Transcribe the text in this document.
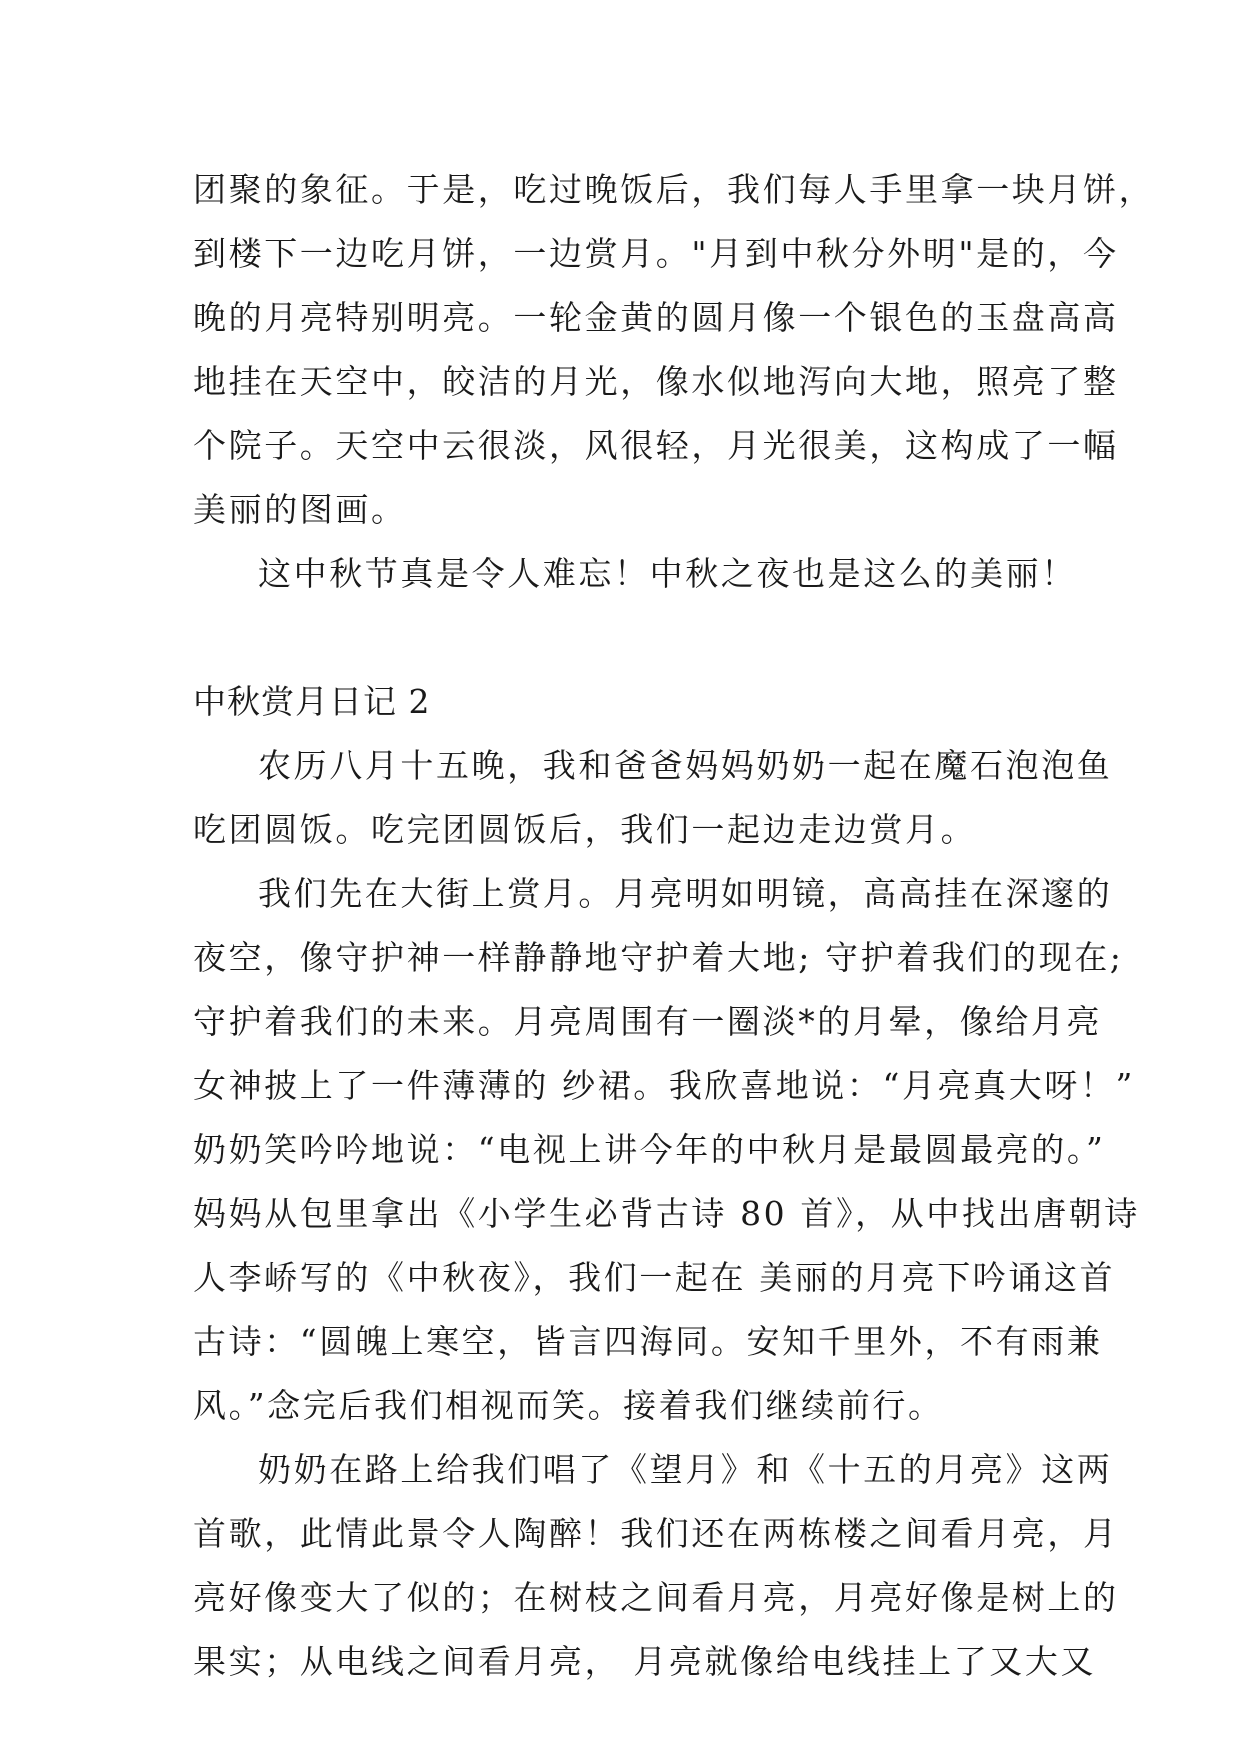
团聚的象征。于是，吃过晚饭后，我们每人手里拿一块月饼，
到楼下一边吃月饼，一边赏月。"月到中秋分外明"是的，今
晚的月亮特别明亮。一轮金黄的圆月像一个银色的玉盘高高
地挂在天空中，皎洁的月光，像水似地泻向大地，照亮了整
个院子。天空中云很淡，风很轻，月光很美，这构成了一幅
美丽的图画。
这中秋节真是令人难忘！中秋之夜也是这么的美丽！
中秋赏月日记 2
农历八月十五晚，我和爸爸妈妈奶奶一起在魔石泡泡鱼
吃团圆饭。吃完团圆饭后，我们一起边走边赏月。
我们先在大街上赏月。月亮明如明镜，高高挂在深邃的
夜空，像守护神一样静静地守护着大地; 守护着我们的现在;
守护着我们的未来。月亮周围有一圈淡*的月晕，像给月亮
女神披上了一件薄薄的 纱裙。我欣喜地说：“月亮真大呀！”
奶奶笑吟吟地说：“电视上讲今年的中秋月是最圆最亮的。”
妈妈从包里拿出《小学生必背古诗 80 首》，从中找出唐朝诗
人李峤写的《中秋夜》，我们一起在 美丽的月亮下吟诵这首
古诗：“圆魄上寒空，皆言四海同。安知千里外，不有雨兼
风。”念完后我们相视而笑。接着我们继续前行。
奶奶在路上给我们唱了《望月》和《十五的月亮》这两
首歌，此情此景令人陶醉！我们还在两栋楼之间看月亮，月
亮好像变大了似的；在树枝之间看月亮，月亮好像是树上的
果实；从电线之间看月亮， 月亮就像给电线挂上了又大又
